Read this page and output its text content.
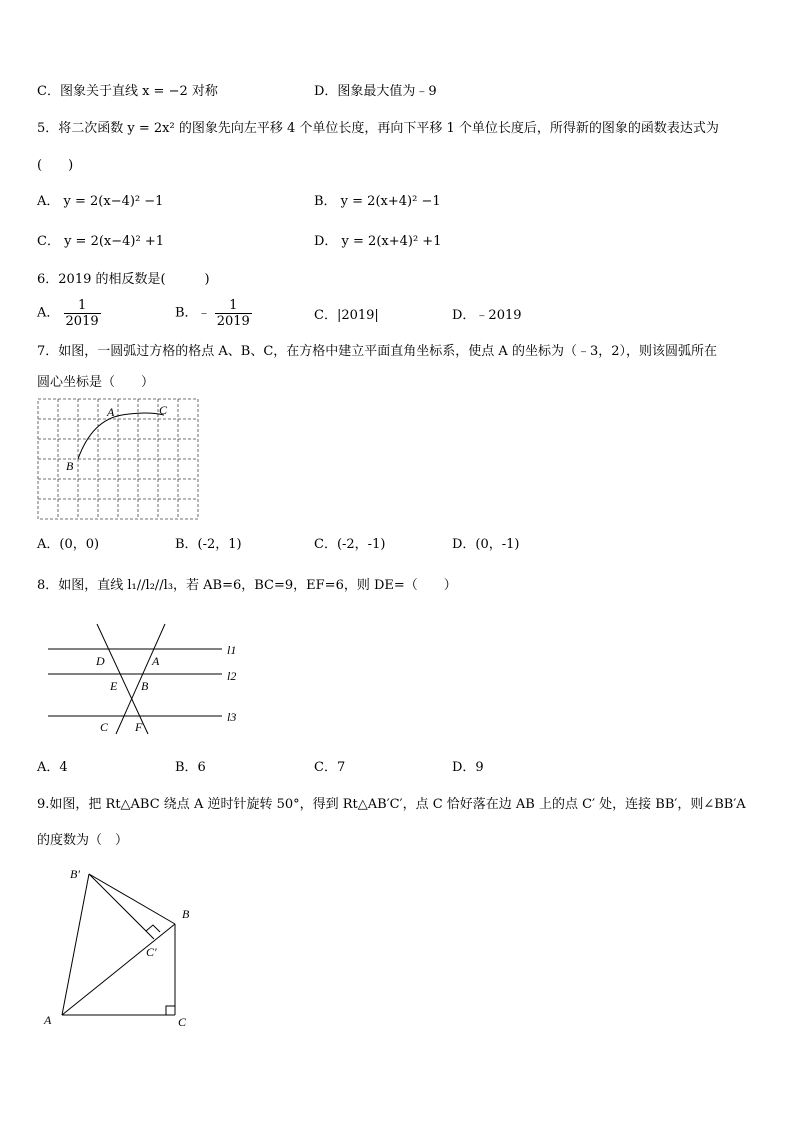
C．图象关于直线 x = −2 对称	D．图象最大值为﹣9
5．将二次函数 y = 2x² 的图象先向左平移 4 个单位长度，再向下平移 1 个单位长度后，所得新的图象的函数表达式为
(　　)
A． y = 2(x−4)² −1	B． y = 2(x+4)² −1
C． y = 2(x−4)² +1	D． y = 2(x+4)² +1
6．2019 的相反数是(　　　)
A． $\frac{1}{2019}$	B．﹣ $\frac{1}{2019}$	C．|2019|	D．﹣2019
7．如图，一圆弧过方格的格点 A、B、C，在方格中建立平面直角坐标系，使点 A 的坐标为（﹣3，2），则该圆弧所在
圆心坐标是（　　）
A	C
B
A．(0，0)	B．(-2，1)	C．(-2，-1)	D．(0，-1)
8．如图，直线 l₁//l₂//l₃，若 AB=6，BC=9，EF=6，则 DE=（　　）
D	A
E B
C F
l1
l2
l3
A．4	B．6	C．7	D．9
9.如图，把 Rt△ABC 绕点 A 逆时针旋转 50°，得到 Rt△AB′C′，点 C 恰好落在边 AB 上的点 C′ 处，连接 BB′，则∠BB′A
的度数为（　）
B′
B
C′
A	C
